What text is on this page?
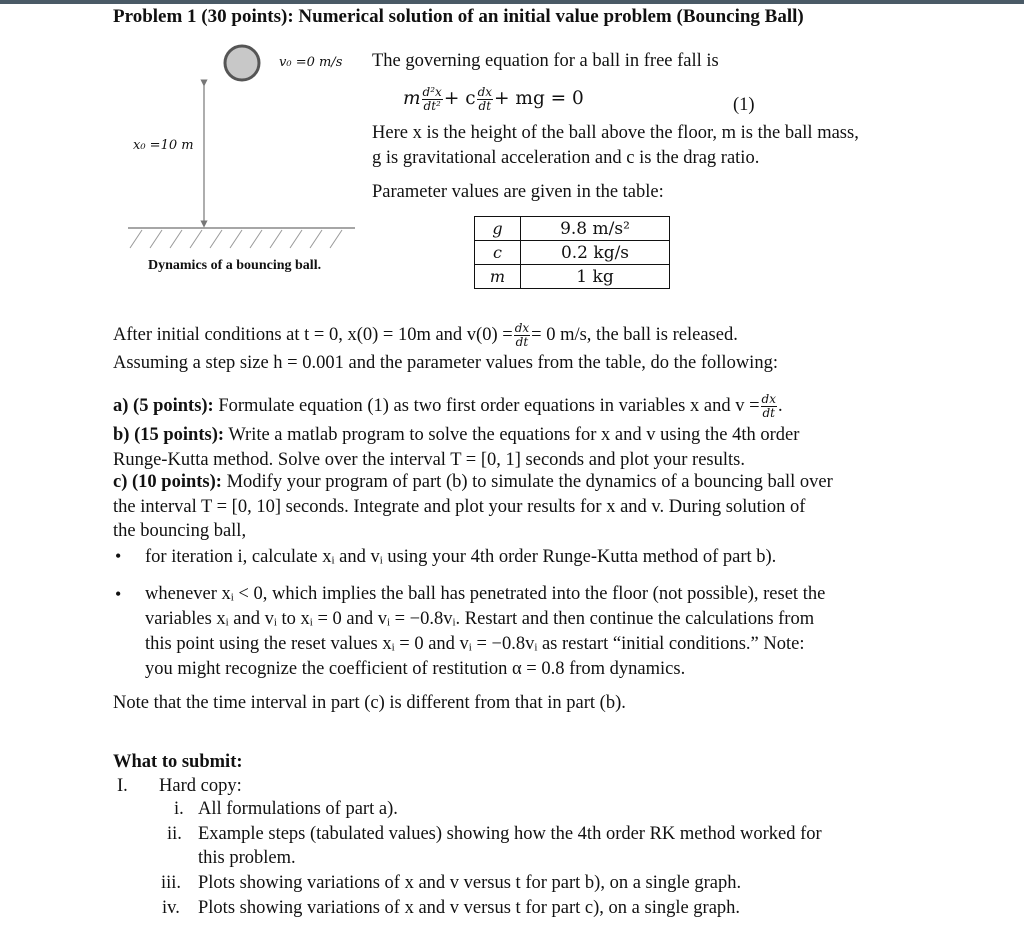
Problem 1 (30 points): Numerical solution of an initial value problem (Bouncing Ball)
v₀ =0 m/s
x₀ =10 m
Dynamics of a bouncing ball.
The governing equation for a ball in free fall is
m $\frac{\text{d²x}}{\text{dt²}} + c \frac{dx}{dt}$ + mg = 0	(1)
Here x is the height of the ball above the floor, m is the ball mass,
g is gravitational acceleration and c is the drag ratio.
Parameter values are given in the table:
g	9.8 m/s²
c	0.2 kg/s
m	1 kg
After initial conditions at t = 0, x(0) = 10m and $v(0) = \frac{dx}{dt} = 0$ m/s, the ball is released.
Assuming a step size h = 0.001 and the parameter values from the table, do the following:
a) (5 points): Formulate equation (1) as two first order equations in variables x and $v = \frac{dx}{dt}$ .
b) (15 points): Write a matlab program to solve the equations for x and v using the 4th order
Runge-Kutta method. Solve over the interval T = [0, 1] seconds and plot your results.
c) (10 points): Modify your program of part (b) to simulate the dynamics of a bouncing ball over
the interval T = [0, 10] seconds. Integrate and plot your results for x and v. During solution of
the bouncing ball,
• for iteration i, calculate xᵢ and vᵢ using your 4th order Runge-Kutta method of part b).
• whenever xᵢ < 0, which implies the ball has penetrated into the floor (not possible), reset the
variables xᵢ and vᵢ to xᵢ = 0 and vᵢ = −0.8vᵢ. Restart and then continue the calculations from
this point using the reset values xᵢ = 0 and vᵢ = −0.8vᵢ as restart “initial conditions.” Note:
you might recognize the coefficient of restitution α = 0.8 from dynamics.
Note that the time interval in part (c) is different from that in part (b).
What to submit:
I. Hard copy:
i. All formulations of part a).
ii. Example steps (tabulated values) showing how the 4th order RK method worked for
this problem.
iii. Plots showing variations of x and v versus t for part b), on a single graph.
iv. Plots showing variations of x and v versus t for part c), on a single graph.
